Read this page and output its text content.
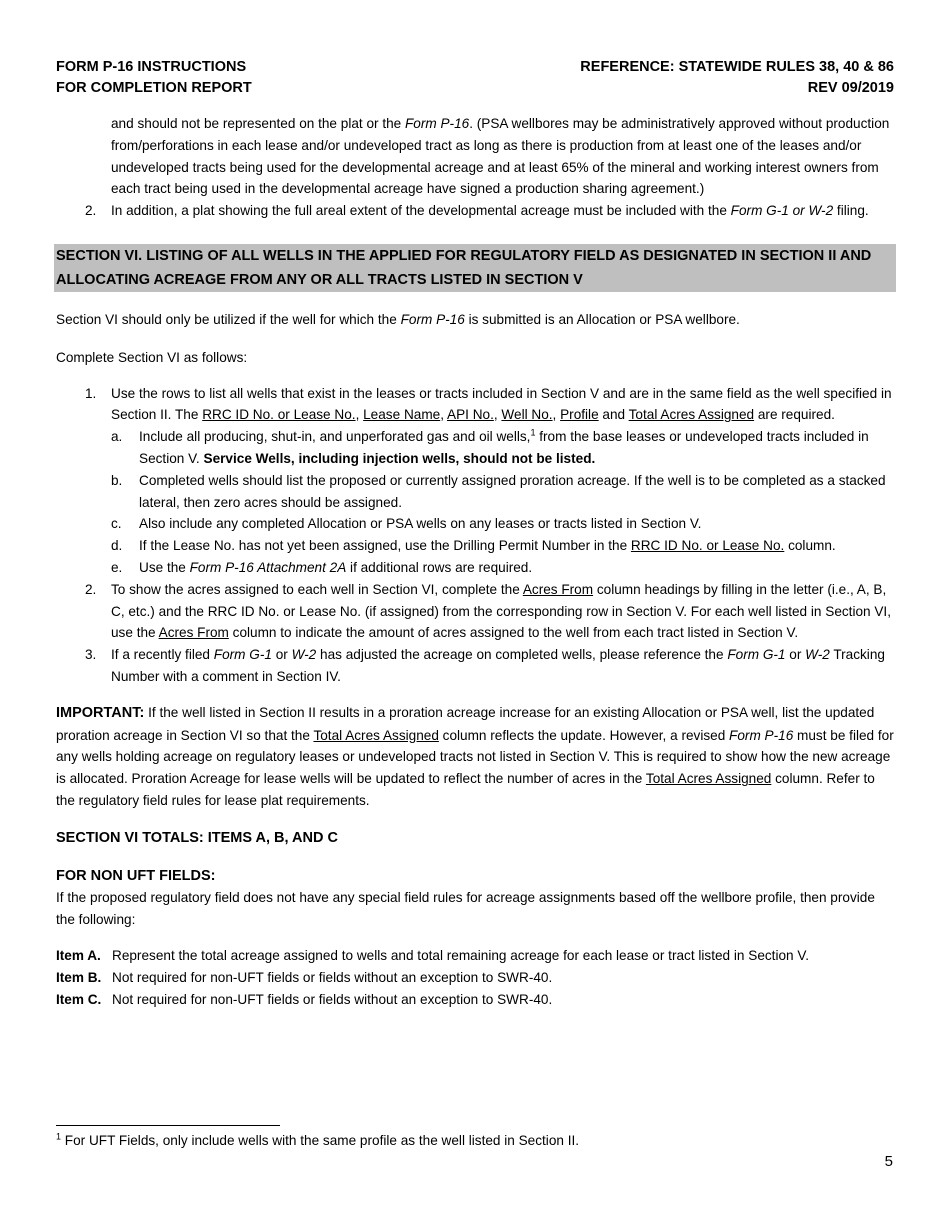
FORM P-16 INSTRUCTIONS
FOR COMPLETION REPORT
REFERENCE: STATEWIDE RULES 38, 40 & 86
REV 09/2019

and should not be represented on the plat or the Form P-16. (PSA wellbores may be administratively approved without production from/perforations in each lease and/or undeveloped tract as long as there is production from at least one of the leases and/or undeveloped tracts being used for the developmental acreage and at least 65% of the mineral and working interest owners from each tract being used in the developmental acreage have signed a production sharing agreement.)

2.	In addition, a plat showing the full areal extent of the developmental acreage must be included with the Form G-1 or W-2 filing.
SECTION VI. LISTING OF ALL WELLS IN THE APPLIED FOR REGULATORY FIELD AS DESIGNATED IN SECTION II AND ALLOCATING ACREAGE FROM ANY OR ALL TRACTS LISTED IN SECTION V

Section VI should only be utilized if the well for which the Form P-16 is submitted is an Allocation or PSA wellbore.

Complete Section VI as follows:

1.	Use the rows to list all wells that exist in the leases or tracts included in Section V and are in the same field as the well specified in Section II. The RRC ID No. or Lease No., Lease Name, API No., Well No., Profile and Total Acres Assigned are required.
a.	Include all producing, shut-in, and unperforated gas and oil wells,$^1$ from the base leases or undeveloped tracts included in Section V. Service Wells, including injection wells, should not be listed.
b.	Completed wells should list the proposed or currently assigned proration acreage. If the well is to be completed as a stacked lateral, then zero acres should be assigned.
c.	Also include any completed Allocation or PSA wells on any leases or tracts listed in Section V.
d.	If the Lease No. has not yet been assigned, use the Drilling Permit Number in the RRC ID No. or Lease No. column.
e.	Use the Form P-16 Attachment 2A if additional rows are required.
2.	To show the acres assigned to each well in Section VI, complete the Acres From column headings by filling in the letter (i.e., A, B, C, etc.) and the RRC ID No. or Lease No. (if assigned) from the corresponding row in Section V. For each well listed in Section VI, use the Acres From column to indicate the amount of acres assigned to the well from each tract listed in Section V.
3.	If a recently filed Form G-1 or W-2 has adjusted the acreage on completed wells, please reference the Form G-1 or W-2 Tracking Number with a comment in Section IV.

IMPORTANT: If the well listed in Section II results in a proration acreage increase for an existing Allocation or PSA well, list the updated proration acreage in Section VI so that the Total Acres Assigned column reflects the update. However, a revised Form P-16 must be filed for any wells holding acreage on regulatory leases or undeveloped tracts not listed in Section V. This is required to show how the new acreage is allocated. Proration Acreage for lease wells will be updated to reflect the number of acres in the Total Acres Assigned column. Refer to the regulatory field rules for lease plat requirements.

SECTION VI TOTALS: ITEMS A, B, AND C

FOR NON UFT FIELDS:

If the proposed regulatory field does not have any special field rules for acreage assignments based off the wellbore profile, then provide the following:

Item A. Represent the total acreage assigned to wells and total remaining acreage for each lease or tract listed in Section V.
Item B. Not required for non-UFT fields or fields without an exception to SWR-40.
Item C. Not required for non-UFT fields or fields without an exception to SWR-40.
$^1$ For UFT Fields, only include wells with the same profile as the well listed in Section II.
5
